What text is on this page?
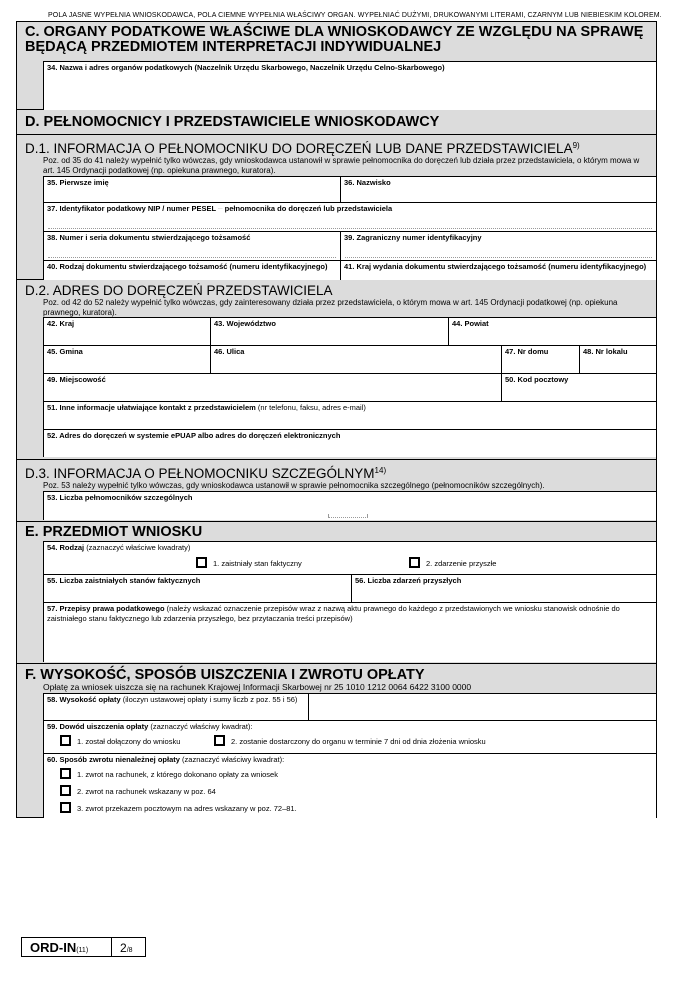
POLA JASNE WYPEŁNIA WNIOSKODAWCA, POLA CIEMNE WYPEŁNIA WŁAŚCIWY ORGAN. WYPEŁNIAĆ DUŻYMI, DRUKOWANYMI LITERAMI, CZARNYM LUB NIEBIESKIM KOLOREM.
C. ORGANY PODATKOWE WŁAŚCIWE DLA WNIOSKODAWCY ZE WZGLĘDU NA SPRAWĘ
BĘDĄCĄ PRZEDMIOTEM INTERPRETACJI INDYWIDUALNEJ
34. Nazwa i adres organów podatkowych (Naczelnik Urzędu Skarbowego, Naczelnik Urzędu Celno-Skarbowego)
D. PEŁNOMOCNICY I PRZEDSTAWICIELE WNIOSKODAWCY
D.1. INFORMACJA O PEŁNOMOCNIKU DO DORĘCZEŃ LUB DANE PRZEDSTAWICIELA$^{9)}$
Poz. od 35 do 41 należy wypełnić tylko wówczas, gdy wnioskodawca ustanowił w sprawie pełnomocnika do doręczeń lub działa przez przedstawiciela, o którym mowa w art. 145 Ordynacji podatkowej (np. opiekuna prawnego, kuratora).
35. Pierwsze imię	36. Nazwisko
37. Identyfikator podatkowy NIP / numer PESEL ┈ pełnomocnika do doręczeń lub przedstawiciela
38. Numer i seria dokumentu stwierdzającego tożsamość	39. Zagraniczny numer identyfikacyjny
40. Rodzaj dokumentu stwierdzającego tożsamość (numeru identyfikacyjnego)	41. Kraj wydania dokumentu stwierdzającego tożsamość (numeru identyfikacyjnego)
D.2. ADRES DO DORĘCZEŃ PRZEDSTAWICIELA
Poz. od 42 do 52 należy wypełnić tylko wówczas, gdy zainteresowany działa przez przedstawiciela, o którym mowa w art. 145 Ordynacji podatkowej (np. opiekuna prawnego, kuratora).
42. Kraj	43. Województwo	44. Powiat
45. Gmina	46. Ulica	47. Nr domu	48. Nr lokalu
49. Miejscowość	50. Kod pocztowy
51. Inne informacje ułatwiające kontakt z przedstawicielem (nr telefonu, faksu, adres e-mail)
52. Adres do doręczeń w systemie ePUAP albo adres do doręczeń elektronicznych
D.3. INFORMACJA O PEŁNOMOCNIKU SZCZEGÓLNYM$^{14)}$
Poz. 53 należy wypełnić tylko wówczas, gdy wnioskodawca ustanowił w sprawie pełnomocnika szczególnego (pełnomocników szczególnych).
53. Liczba pełnomocników szczególnych
E. PRZEDMIOT WNIOSKU
54. Rodzaj (zaznaczyć właściwe kwadraty)
1. zaistniały stan faktyczny	2. zdarzenie przyszłe
55. Liczba zaistniałych stanów faktycznych	56. Liczba zdarzeń przyszłych
57. Przepisy prawa podatkowego (należy wskazać oznaczenie przepisów wraz z nazwą aktu prawnego do każdego z przedstawionych we wniosku stanowisk odnośnie do zaistniałego stanu faktycznego lub zdarzenia przyszłego, bez przytaczania treści przepisów)
F. WYSOKOŚĆ, SPOSÓB UISZCZENIA I ZWROTU OPŁATY
Opłatę za wniosek uiszcza się na rachunek Krajowej Informacji Skarbowej nr 25 1010 1212 0064 6422 3100 0000
58. Wysokość opłaty (iloczyn ustawowej opłaty i sumy liczb z poz. 55 i 56)
59. Dowód uiszczenia opłaty (zaznaczyć właściwy kwadrat):
1. został dołączony do wniosku	2. zostanie dostarczony do organu w terminie 7 dni od dnia złożenia wniosku
60. Sposób zwrotu nienależnej opłaty (zaznaczyć właściwy kwadrat):
1. zwrot na rachunek, z którego dokonano opłaty za wniosek
2. zwrot na rachunek wskazany w poz. 64
3. zwrot przekazem pocztowym na adres wskazany w poz. 72–81.
ORD-IN(11)	2/8
